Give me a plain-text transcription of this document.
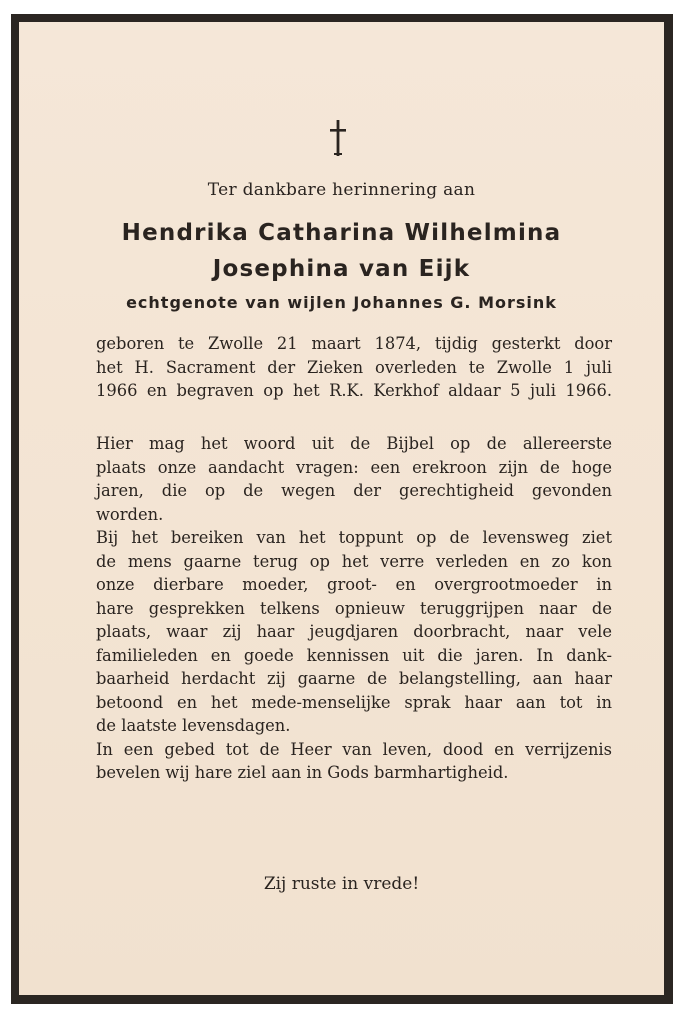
Ter dankbare herinnering aan
Hendrika Catharina Wilhelmina
Josephina van Eijk
echtgenote van wijlen Johannes G. Morsink
geboren te Zwolle 21 maart 1874, tijdig gesterkt door
het H. Sacrament der Zieken overleden te Zwolle 1 juli
1966 en begraven op het R.K. Kerkhof aldaar 5 juli 1966.
Hier mag het woord uit de Bijbel op de allereerste
plaats onze aandacht vragen: een erekroon zijn de hoge
jaren, die op de wegen der gerechtigheid gevonden
worden.
Bij het bereiken van het toppunt op de levensweg ziet
de mens gaarne terug op het verre verleden en zo kon
onze dierbare moeder, groot- en overgrootmoeder in
hare gesprekken telkens opnieuw teruggrijpen naar de
plaats, waar zij haar jeugdjaren doorbracht, naar vele
familieleden en goede kennissen uit die jaren. In dank-
baarheid herdacht zij gaarne de belangstelling, aan haar
betoond en het mede-menselijke sprak haar aan tot in
de laatste levensdagen.
In een gebed tot de Heer van leven, dood en verrijzenis
bevelen wij hare ziel aan in Gods barmhartigheid.
Zij ruste in vrede!
